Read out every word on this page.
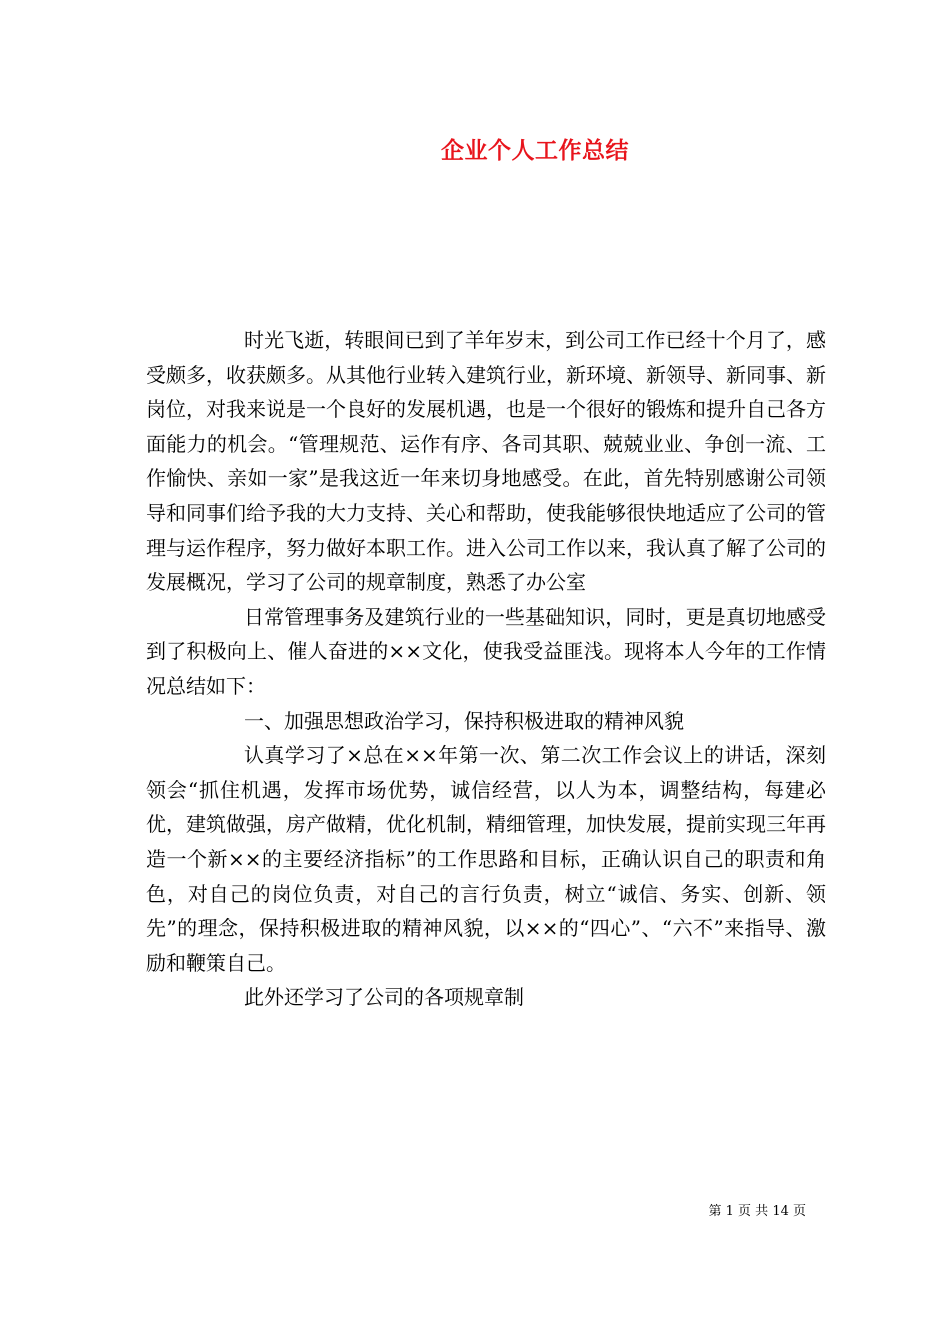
企业个人工作总结

时光飞逝，转眼间已到了羊年岁末，到公司工作已经十个月了，感受颇多，收获颇多。从其他行业转入建筑行业，新环境、新领导、新同事、新岗位，对我来说是一个良好的发展机遇，也是一个很好的锻炼和提升自己各方面能力的机会。“管理规范、运作有序、各司其职、兢兢业业、争创一流、工作愉快、亲如一家”是我这近一年来切身地感受。在此，首先特别感谢公司领导和同事们给予我的大力支持、关心和帮助，使我能够很快地适应了公司的管理与运作程序，努力做好本职工作。进入公司工作以来，我认真了解了公司的发展概况，学习了公司的规章制度，熟悉了办公室

日常管理事务及建筑行业的一些基础知识，同时，更是真切地感受到了积极向上、催人奋进的××文化，使我受益匪浅。现将本人今年的工作情况总结如下：

一、加强思想政治学习，保持积极进取的精神风貌

认真学习了×总在××年第一次、第二次工作会议上的讲话，深刻领会“抓住机遇，发挥市场优势，诚信经营，以人为本，调整结构，每建必优，建筑做强，房产做精，优化机制，精细管理，加快发展，提前实现三年再造一个新××的主要经济指标”的工作思路和目标，正确认识自己的职责和角色，对自己的岗位负责，对自己的言行负责，树立“诚信、务实、创新、领先”的理念，保持积极进取的精神风貌，以××的“四心”、“六不”来指导、激励和鞭策自己。

此外还学习了公司的各项规章制

第 1 页 共 14 页
